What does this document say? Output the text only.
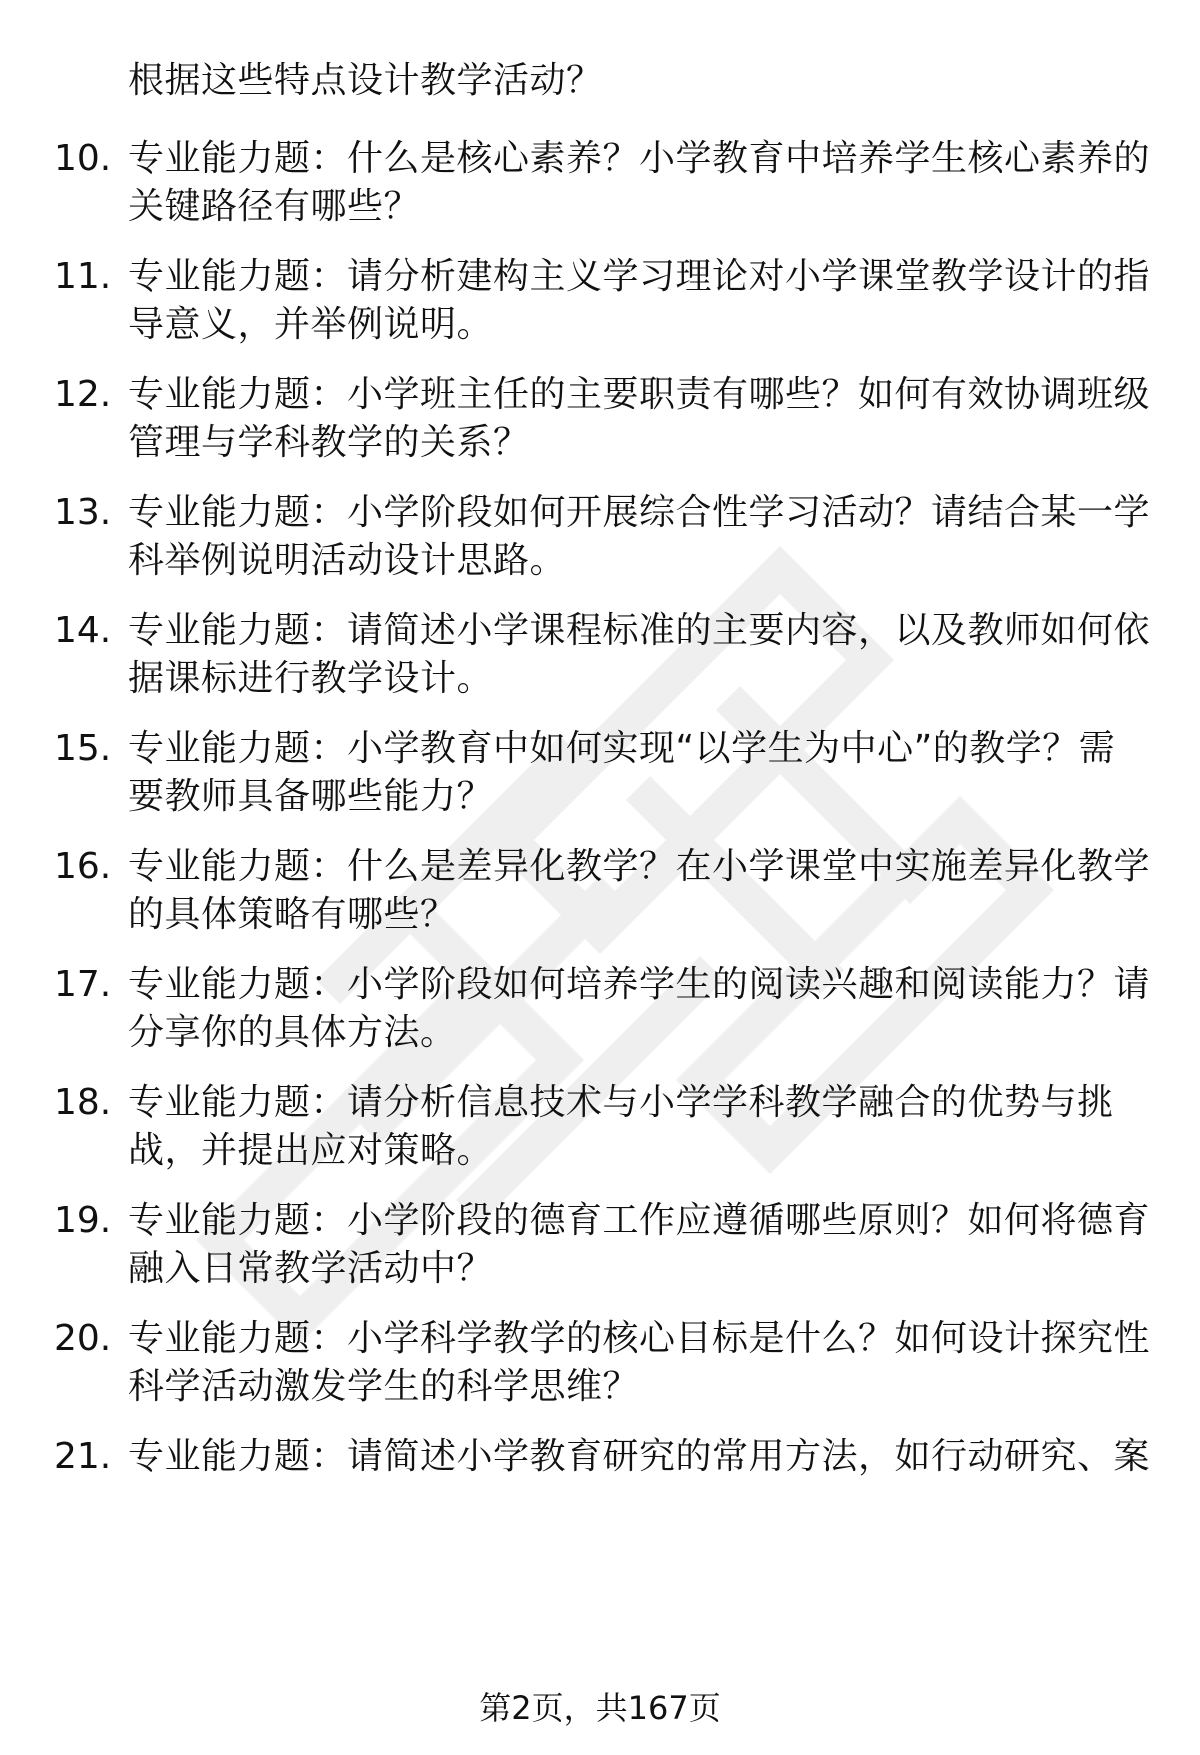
根据这些特点设计教学活动？
10. 专业能力题：什么是核心素养？小学教育中培养学生核心素养的
关键路径有哪些？
11. 专业能力题：请分析建构主义学习理论对小学课堂教学设计的指
导意义，并举例说明。
12. 专业能力题：小学班主任的主要职责有哪些？如何有效协调班级
管理与学科教学的关系？
13. 专业能力题：小学阶段如何开展综合性学习活动？请结合某一学
科举例说明活动设计思路。
14. 专业能力题：请简述小学课程标准的主要内容，以及教师如何依
据课标进行教学设计。
15. 专业能力题：小学教育中如何实现“以学生为中心”的教学？需
要教师具备哪些能力？
16. 专业能力题：什么是差异化教学？在小学课堂中实施差异化教学
的具体策略有哪些？
17. 专业能力题：小学阶段如何培养学生的阅读兴趣和阅读能力？请
分享你的具体方法。
18. 专业能力题：请分析信息技术与小学学科教学融合的优势与挑
战，并提出应对策略。
19. 专业能力题：小学阶段的德育工作应遵循哪些原则？如何将德育
融入日常教学活动中？
20. 专业能力题：小学科学教学的核心目标是什么？如何设计探究性
科学活动激发学生的科学思维？
21. 专业能力题：请简述小学教育研究的常用方法，如行动研究、案
第2页，共167页
